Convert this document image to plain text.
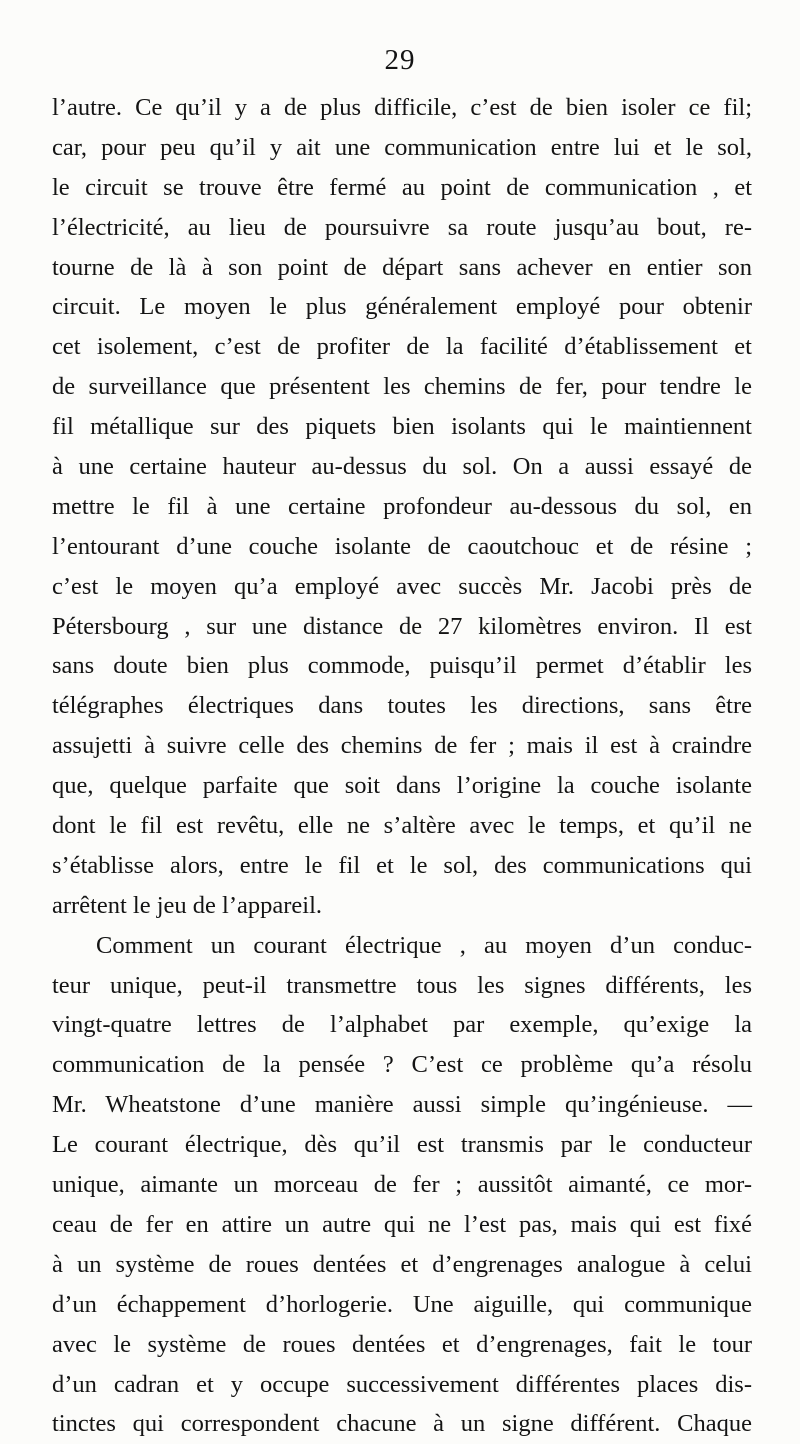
29
l’autre. Ce qu’il y a de plus difficile, c’est de bien isoler ce fil;
car, pour peu qu’il y ait une communication entre lui et le sol,
le circuit se trouve être fermé au point de communication , et
l’électricité, au lieu de poursuivre sa route jusqu’au bout, re-
tourne de là à son point de départ sans achever en entier son
circuit. Le moyen le plus généralement employé pour obtenir
cet isolement, c’est de profiter de la facilité d’établissement et
de surveillance que présentent les chemins de fer, pour tendre le
fil métallique sur des piquets bien isolants qui le maintiennent
à une certaine hauteur au-dessus du sol. On a aussi essayé de
mettre le fil à une certaine profondeur au-dessous du sol, en
l’entourant d’une couche isolante de caoutchouc et de résine ;
c’est le moyen qu’a employé avec succès Mr. Jacobi près de
Pétersbourg , sur une distance de 27 kilomètres environ. Il est
sans doute bien plus commode, puisqu’il permet d’établir les
télégraphes électriques dans toutes les directions, sans être
assujetti à suivre celle des chemins de fer ; mais il est à craindre
que, quelque parfaite que soit dans l’origine la couche isolante
dont le fil est revêtu, elle ne s’altère avec le temps, et qu’il ne
s’établisse alors, entre le fil et le sol, des communications qui
arrêtent le jeu de l’appareil.
Comment un courant électrique , au moyen d’un conduc-
teur unique, peut-il transmettre tous les signes différents, les
vingt-quatre lettres de l’alphabet par exemple, qu’exige la
communication de la pensée ? C’est ce problème qu’a résolu
Mr. Wheatstone d’une manière aussi simple qu’ingénieuse. —
Le courant électrique, dès qu’il est transmis par le conducteur
unique, aimante un morceau de fer ; aussitôt aimanté, ce mor-
ceau de fer en attire un autre qui ne l’est pas, mais qui est fixé
à un système de roues dentées et d’engrenages analogue à celui
d’un échappement d’horlogerie. Une aiguille, qui communique
avec le système de roues dentées et d’engrenages, fait le tour
d’un cadran et y occupe successivement différentes places dis-
tinctes qui correspondent chacune à un signe différent. Chaque
